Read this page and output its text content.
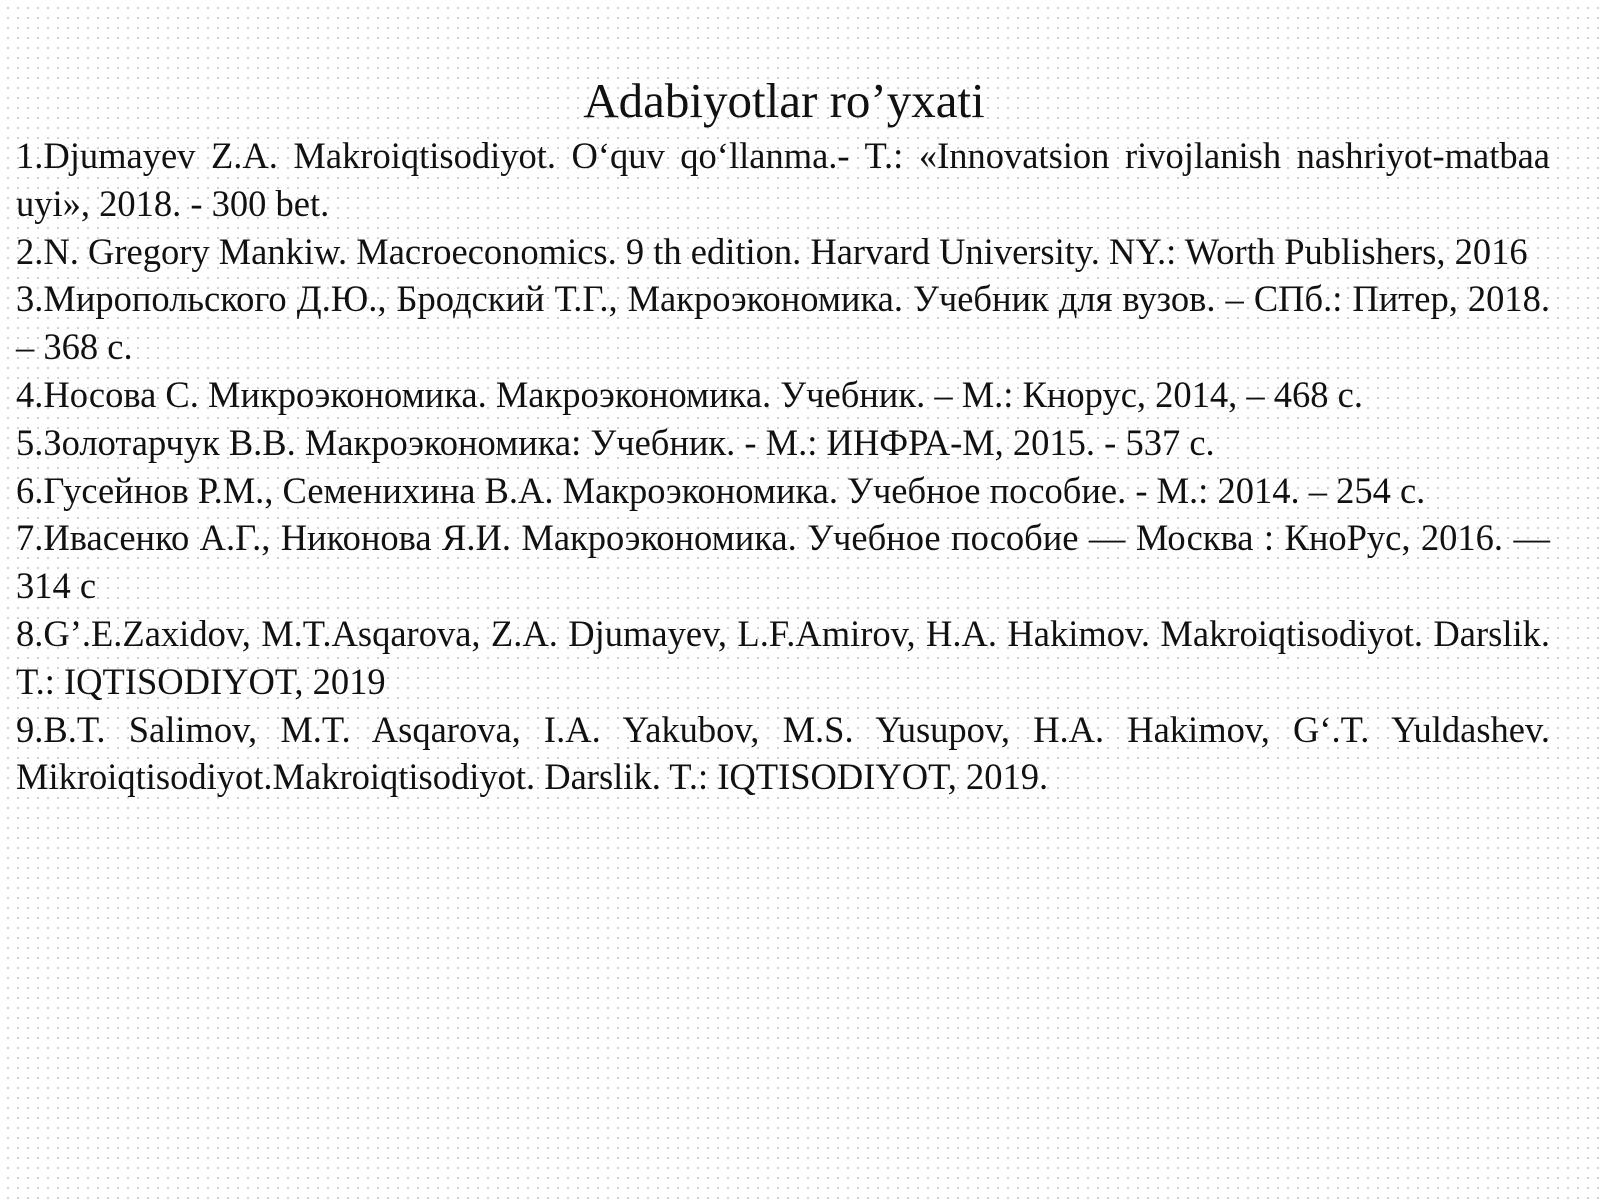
Adabiyotlar ro’yxati
1.Djumayev Z.A. Makroiqtisodiyot. O‘quv qo‘llanma.- T.: «Innovatsion rivojlanish nashriyot-matbaa uyi», 2018. - 300 bet.
2.N. Gregory Mankiw. Macroeconomics. 9 th edition. Harvard University. NY.: Worth Publishers, 2016
3.Миропольского Д.Ю., Бродский Т.Г., Макроэкономика. Учебник для вузов. – СПб.: Питер, 2018. – 368 с.
4.Носова С. Микроэкономика. Макроэкономика. Учебник. – М.: Кнорус, 2014, – 468 с.
5.Золотарчук В.В. Макроэкономика: Учебник. - М.: ИНФРА-М, 2015. - 537 с.
6.Гусейнов Р.М., Семенихина В.А. Макроэкономика. Учебное пособие. - М.: 2014. – 254 с.
7.Ивасенко А.Г., Никонова Я.И. Макроэкономика. Учебное пособие — Москва : КноРус, 2016. — 314 с
8.G’.E.Zaxidov, M.T.Asqarova, Z.A. Djumayev, L.F.Amirov, H.A. Hakimov. Makroiqtisodiyot. Darslik. T.: IQTISODIYOT, 2019
9.B.T. Salimov, M.T. Asqarova, I.A. Yakubov, M.S. Yusupov, H.A. Hakimov, G‘.T. Yuldashev. Mikroiqtisodiyot.Makroiqtisodiyot. Darslik. T.: IQTISODIYOT, 2019.
